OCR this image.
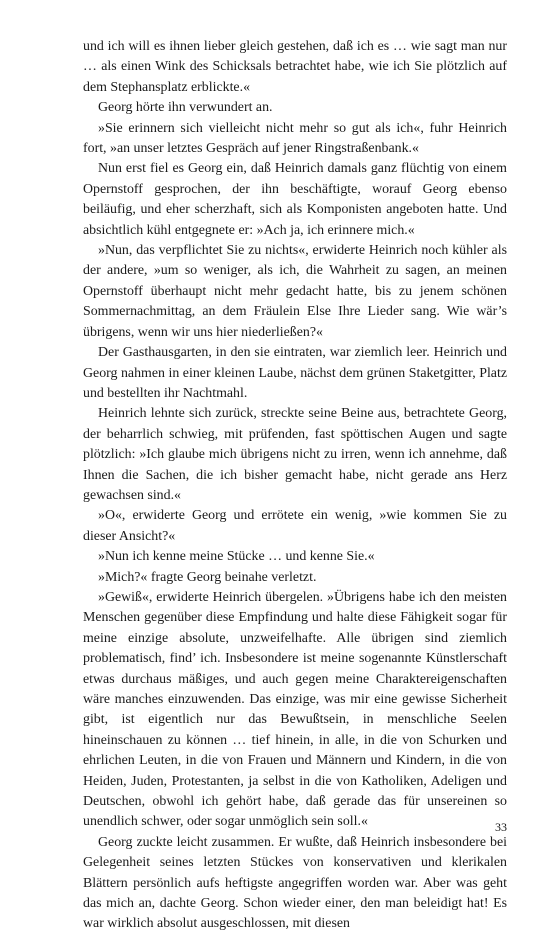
und ich will es ihnen lieber gleich gestehen, daß ich es … wie sagt man nur … als einen Wink des Schicksals betrachtet habe, wie ich Sie plötzlich auf dem Stephansplatz erblickte.«

Georg hörte ihn verwundert an.

»Sie erinnern sich vielleicht nicht mehr so gut als ich«, fuhr Heinrich fort, »an unser letztes Gespräch auf jener Ringstraßenbank.«

Nun erst fiel es Georg ein, daß Heinrich damals ganz flüchtig von einem Opernstoff gesprochen, der ihn beschäftigte, worauf Georg ebenso beiläufig, und eher scherzhaft, sich als Komponisten angeboten hatte. Und absichtlich kühl entgegnete er: »Ach ja, ich erinnere mich.«

»Nun, das verpflichtet Sie zu nichts«, erwiderte Heinrich noch kühler als der andere, »um so weniger, als ich, die Wahrheit zu sagen, an meinen Opernstoff überhaupt nicht mehr gedacht hatte, bis zu jenem schönen Sommernachmittag, an dem Fräulein Else Ihre Lieder sang. Wie wär’s übrigens, wenn wir uns hier niederließen?«

Der Gasthausgarten, in den sie eintraten, war ziemlich leer. Heinrich und Georg nahmen in einer kleinen Laube, nächst dem grünen Staketgitter, Platz und bestellten ihr Nachtmahl.

Heinrich lehnte sich zurück, streckte seine Beine aus, betrachtete Georg, der beharrlich schwieg, mit prüfenden, fast spöttischen Augen und sagte plötzlich: »Ich glaube mich übrigens nicht zu irren, wenn ich annehme, daß Ihnen die Sachen, die ich bisher gemacht habe, nicht gerade ans Herz gewachsen sind.«

»O«, erwiderte Georg und errötete ein wenig, »wie kommen Sie zu dieser Ansicht?«

»Nun ich kenne meine Stücke … und kenne Sie.«

»Mich?« fragte Georg beinahe verletzt.

»Gewiß«, erwiderte Heinrich übergelen. »Übrigens habe ich den meisten Menschen gegenüber diese Empfindung und halte diese Fähigkeit sogar für meine einzige absolute, unzweifelhafte. Alle übrigen sind ziemlich problematisch, find’ ich. Insbesondere ist meine sogenannte Künstlerschaft etwas durchaus mäßiges, und auch gegen meine Charaktereigenschaften wäre manches einzuwenden. Das einzige, was mir eine gewisse Sicherheit gibt, ist eigentlich nur das Bewußtsein, in menschliche Seelen hineinschauen zu können … tief hinein, in alle, in die von Schurken und ehrlichen Leuten, in die von Frauen und Männern und Kindern, in die von Heiden, Juden, Protestanten, ja selbst in die von Katholiken, Adeligen und Deutschen, obwohl ich gehört habe, daß gerade das für unsereinen so unendlich schwer, oder sogar unmöglich sein soll.«

Georg zuckte leicht zusammen. Er wußte, daß Heinrich insbesondere bei Gelegenheit seines letzten Stückes von konservativen und klerikalen Blättern persönlich aufs heftigste angegriffen worden war. Aber was geht das mich an, dachte Georg. Schon wieder einer, den man beleidigt hat! Es war wirklich absolut ausgeschlossen, mit diesen

33
